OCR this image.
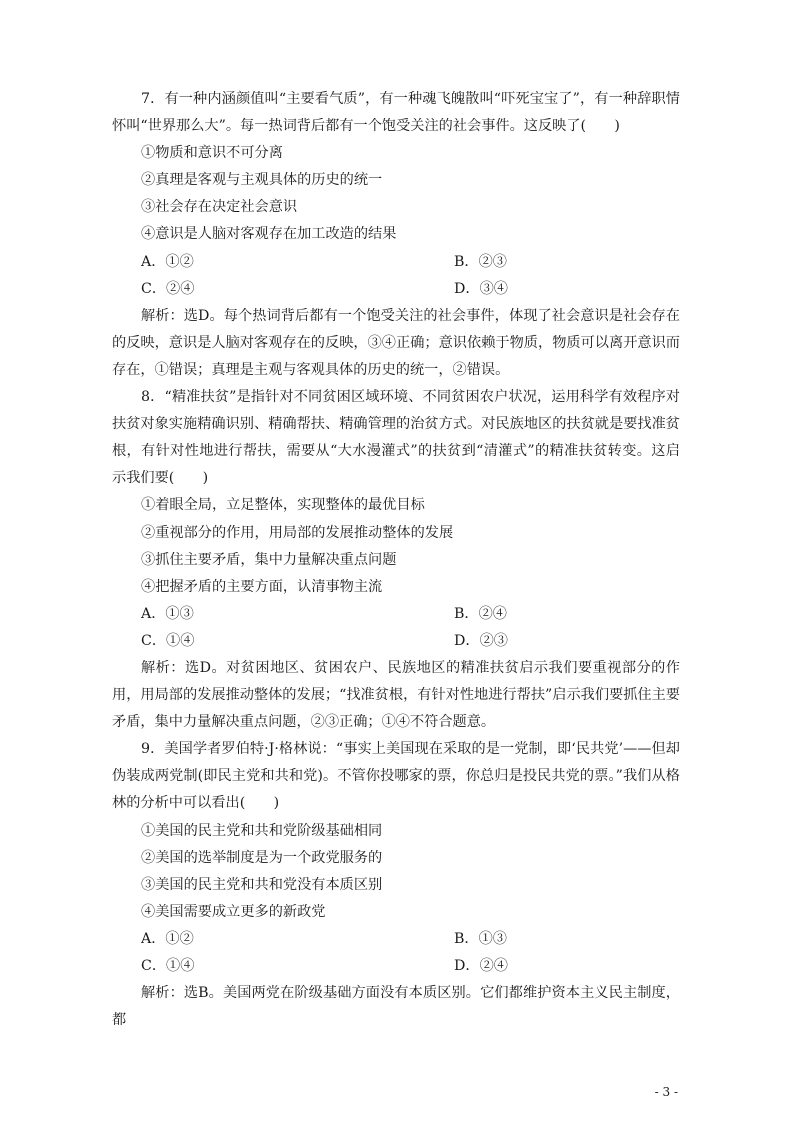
7．有一种内涵颜值叫“主要看气质”，有一种魂飞魄散叫“吓死宝宝了”，有一种辞职情怀叫“世界那么大”。每一热词背后都有一个饱受关注的社会事件。这反映了(　　)

①物质和意识不可分离

②真理是客观与主观具体的历史的统一

③社会存在决定社会意识

④意识是人脑对客观存在加工改造的结果

A．①②	B．②③
C．②④	D．③④

解析：选D。每个热词背后都有一个饱受关注的社会事件，体现了社会意识是社会存在的反映，意识是人脑对客观存在的反映，③④正确；意识依赖于物质，物质可以离开意识而存在，①错误；真理是主观与客观具体的历史的统一，②错误。

8．“精准扶贫”是指针对不同贫困区域环境、不同贫困农户状况，运用科学有效程序对扶贫对象实施精确识别、精确帮扶、精确管理的治贫方式。对民族地区的扶贫就是要找准贫根，有针对性地进行帮扶，需要从“大水漫灌式”的扶贫到“清灌式”的精准扶贫转变。这启示我们要(　　)

①着眼全局，立足整体，实现整体的最优目标

②重视部分的作用，用局部的发展推动整体的发展

③抓住主要矛盾，集中力量解决重点问题

④把握矛盾的主要方面，认清事物主流

A．①③	B．②④
C．①④	D．②③

解析：选D。对贫困地区、贫困农户、民族地区的精准扶贫启示我们要重视部分的作用，用局部的发展推动整体的发展；“找准贫根，有针对性地进行帮扶”启示我们要抓住主要矛盾，集中力量解决重点问题，②③正确；①④不符合题意。

9．美国学者罗伯特·J·格林说：“事实上美国现在采取的是一党制，即‘民共党’——但却伪装成两党制(即民主党和共和党)。不管你投哪家的票，你总归是投民共党的票。”我们从格林的分析中可以看出(　　)

①美国的民主党和共和党阶级基础相同

②美国的选举制度是为一个政党服务的

③美国的民主党和共和党没有本质区别

④美国需要成立更多的新政党

A．①②	B．①③
C．①④	D．②④

解析：选B。美国两党在阶级基础方面没有本质区别。它们都维护资本主义民主制度，都

- 3 -
